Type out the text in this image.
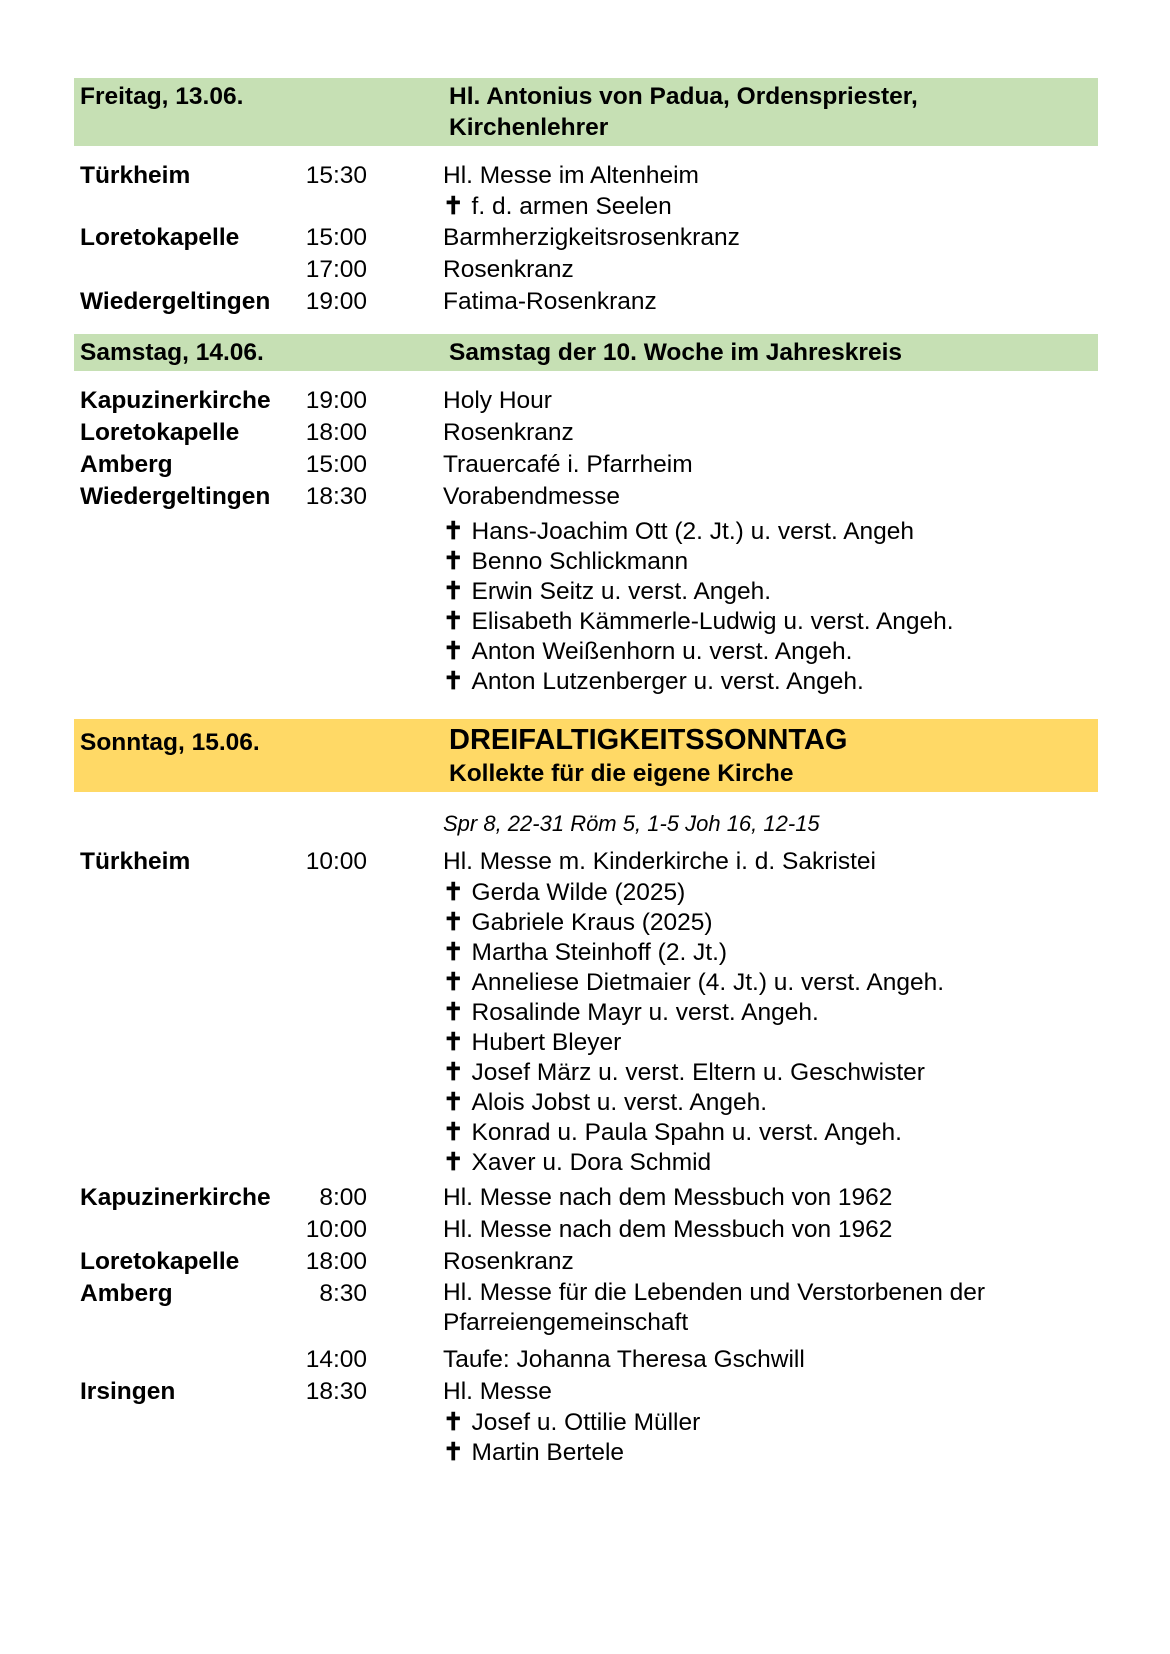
Freitag, 13.06.	Hl. Antonius von Padua, Ordenspriester,
Kirchenlehrer
Türkheim	15:30	Hl. Messe im Altenheim
✝ f. d. armen Seelen
Loretokapelle	15:00	Barmherzigkeitsrosenkranz
17:00	Rosenkranz
Wiedergeltingen	19:00	Fatima-Rosenkranz
Samstag, 14.06.	Samstag der 10. Woche im Jahreskreis
Kapuzinerkirche	19:00	Holy Hour
Loretokapelle	18:00	Rosenkranz
Amberg	15:00	Trauercafé i. Pfarrheim
Wiedergeltingen	18:30	Vorabendmesse
✝ Hans-Joachim Ott (2. Jt.) u. verst. Angeh
✝ Benno Schlickmann
✝ Erwin Seitz u. verst. Angeh.
✝ Elisabeth Kämmerle-Ludwig u. verst. Angeh.
✝ Anton Weißenhorn u. verst. Angeh.
✝ Anton Lutzenberger u. verst. Angeh.
Sonntag, 15.06.	DREIFALTIGKEITSSONNTAG
Kollekte für die eigene Kirche
Spr 8, 22-31 Röm 5, 1-5 Joh 16, 12-15
Türkheim	10:00	Hl. Messe m. Kinderkirche i. d. Sakristei
✝ Gerda Wilde (2025)
✝ Gabriele Kraus (2025)
✝ Martha Steinhoff (2. Jt.)
✝ Anneliese Dietmaier (4. Jt.) u. verst. Angeh.
✝ Rosalinde Mayr u. verst. Angeh.
✝ Hubert Bleyer
✝ Josef März u. verst. Eltern u. Geschwister
✝ Alois Jobst u. verst. Angeh.
✝ Konrad u. Paula Spahn u. verst. Angeh.
✝ Xaver u. Dora Schmid
Kapuzinerkirche	8:00	Hl. Messe nach dem Messbuch von 1962
10:00	Hl. Messe nach dem Messbuch von 1962
Loretokapelle	18:00	Rosenkranz
Amberg	8:30	Hl. Messe für die Lebenden und Verstorbenen der Pfarreiengemeinschaft
14:00	Taufe: Johanna Theresa Gschwill
Irsingen	18:30	Hl. Messe
✝ Josef u. Ottilie Müller
✝ Martin Bertele
